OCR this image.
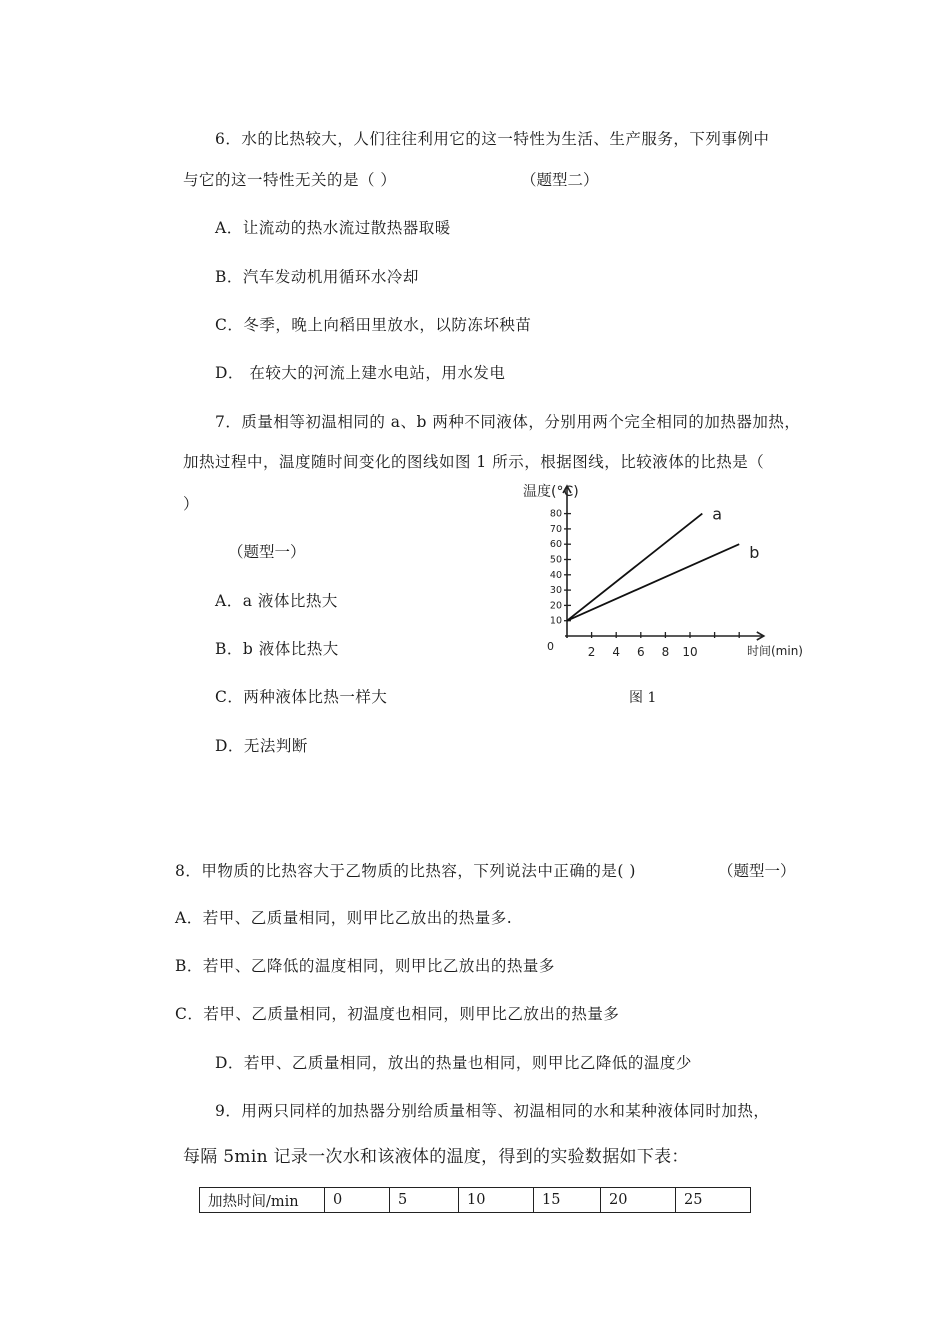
6．水的比热较大，人们往往利用它的这一特性为生活、生产服务，下列事例中
与它的这一特性无关的是（ ）	（题型二）
A．让流动的热水流过散热器取暖
B．汽车发动机用循环水冷却
C．冬季，晚上向稻田里放水，以防冻坏秧苗
D． 在较大的河流上建水电站，用水发电
7．质量相等初温相同的 a、b 两种不同液体，分别用两个完全相同的加热器加热，
加热过程中，温度随时间变化的图线如图 1 所示，根据图线，比较液体的比热是（
）
（题型一）
A．a 液体比热大
B．b 液体比热大
C．两种液体比热一样大
D．无法判断
温度(°C)
时间(min)
0
10
20
30
40
50
60
70
80
2 4 6 8 10
a
b
图 1
8．甲物质的比热容大于乙物质的比热容，下列说法中正确的是( )	（题型一）
A．若甲、乙质量相同，则甲比乙放出的热量多.
B．若甲、乙降低的温度相同，则甲比乙放出的热量多
C．若甲、乙质量相同，初温度也相同，则甲比乙放出的热量多
D．若甲、乙质量相同，放出的热量也相同，则甲比乙降低的温度少
9．用两只同样的加热器分别给质量相等、初温相同的水和某种液体同时加热，
每隔 5min 记录一次水和该液体的温度，得到的实验数据如下表：
加热时间/min	0	5	10	15	20	25
